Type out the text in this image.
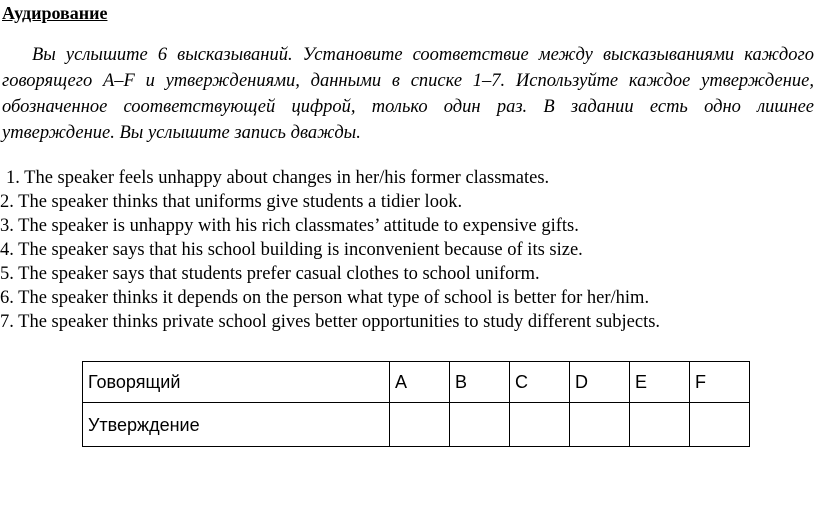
Аудирование

Вы услышите 6 высказываний. Установите соответствие между высказываниями каждого говорящего A–F и утверждениями, данными в списке 1–7. Используйте каждое утверждение, обозначенное соответствующей цифрой, только один раз. В задании есть одно лишнее утверждение. Вы услышите запись дважды.

1. The speaker feels unhappy about changes in her/his former classmates.
2. The speaker thinks that uniforms give students a tidier look.
3. The speaker is unhappy with his rich classmates’ attitude to expensive gifts.
4. The speaker says that his school building is inconvenient because of its size.
5. The speaker says that students prefer casual clothes to school uniform.
6. The speaker thinks it depends on the person what type of school is better for her/him.
7. The speaker thinks private school gives better opportunities to study different subjects.
Говорящий	A	B	C	D	E	F
Утверждение						
